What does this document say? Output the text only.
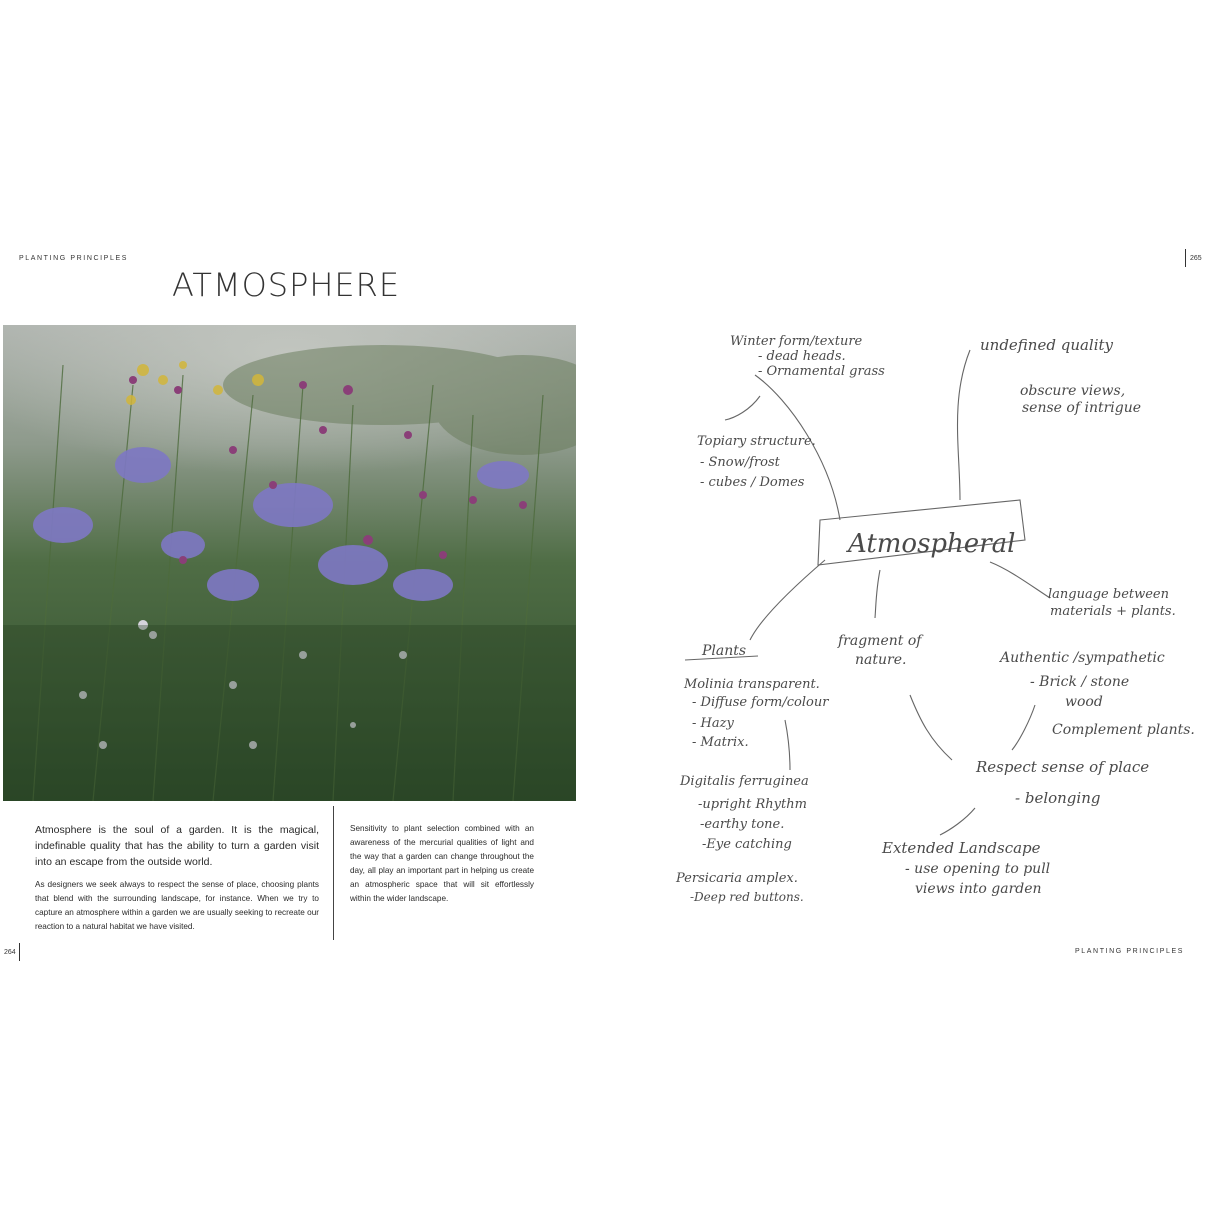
PLANTING PRINCIPLES
ATMOSPHERE

Atmosphere is the soul of a garden. It is the magical, indefinable quality that has the ability to turn a garden visit into an escape from the outside world.

As designers we seek always to respect the sense of place, choosing plants that blend with the surrounding landscape, for instance. When we try to capture an atmosphere within a garden we are usually seeking to recreate our reaction to a natural habitat we have visited.

Sensitivity to plant selection combined with an awareness of the mercurial qualities of light and the way that a garden can change throughout the day, all play an important part in helping us create an atmospheric space that will sit effortlessly within the wider landscape.

264
265
Atmospheral
Winter form/texture
- dead heads.
- Ornamental grass
undefined quality
obscure views,
sense of intrigue
Topiary structure.
- Snow/frost
- cubes / Domes
language between
materials + plants.
Plants
fragment of
nature.	Authentic /sympathetic
- Brick / stone
wood
Complement plants.
Molinia transparent.
- Diffuse form/colour
- Hazy
- Matrix.
Respect sense of place
- belonging
Digitalis ferruginea
-upright Rhythm
-earthy tone.
-Eye catching	Extended Landscape
- use opening to pull
views into garden
Persicaria amplex.
-Deep red buttons.
PLANTING PRINCIPLES
